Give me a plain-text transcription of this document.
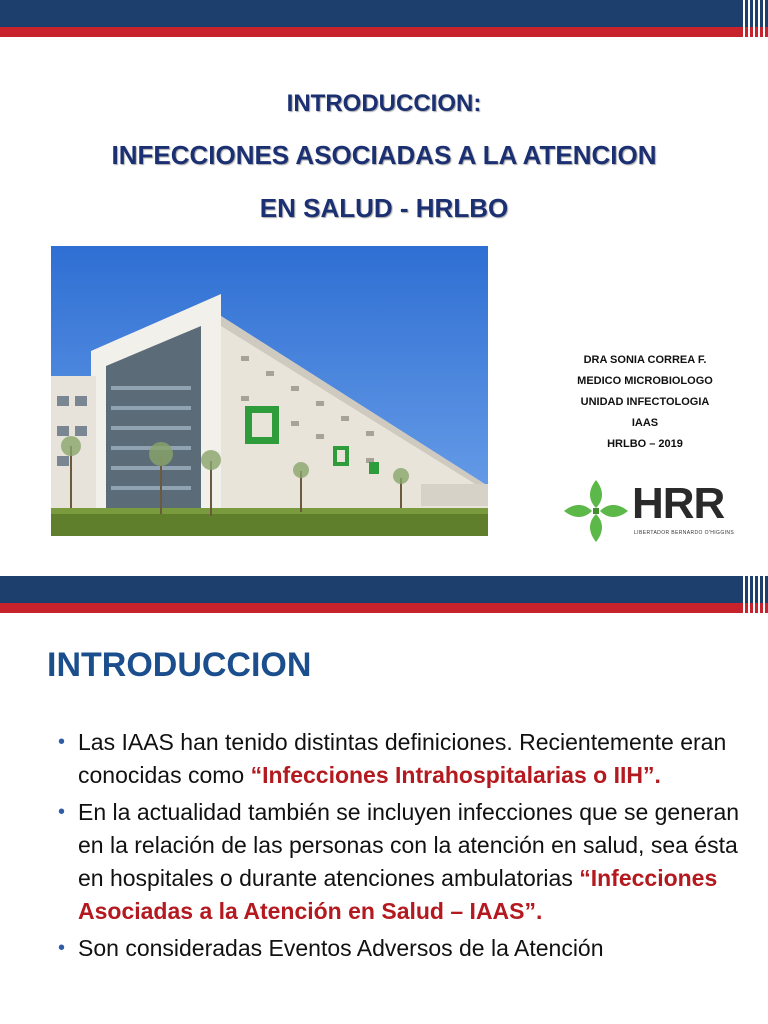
INTRODUCCION:
INFECCIONES ASOCIADAS A LA ATENCION
EN SALUD - HRLBO
DRA SONIA CORREA F.
MEDICO MICROBIOLOGO
UNIDAD INFECTOLOGIA
IAAS
HRLBO – 2019
HRR
LIBERTADOR BERNARDO O'HIGGINS
INTRODUCCION
• Las IAAS han tenido distintas definiciones. Recientemente eran conocidas como “Infecciones Intrahospitalarias o IIH”.
• En la actualidad también se incluyen infecciones que se generan en la relación de las personas con la atención en salud, sea ésta en hospitales o durante atenciones ambulatorias “Infecciones Asociadas a la Atención en Salud – IAAS”.
• Son consideradas Eventos Adversos de la Atención
